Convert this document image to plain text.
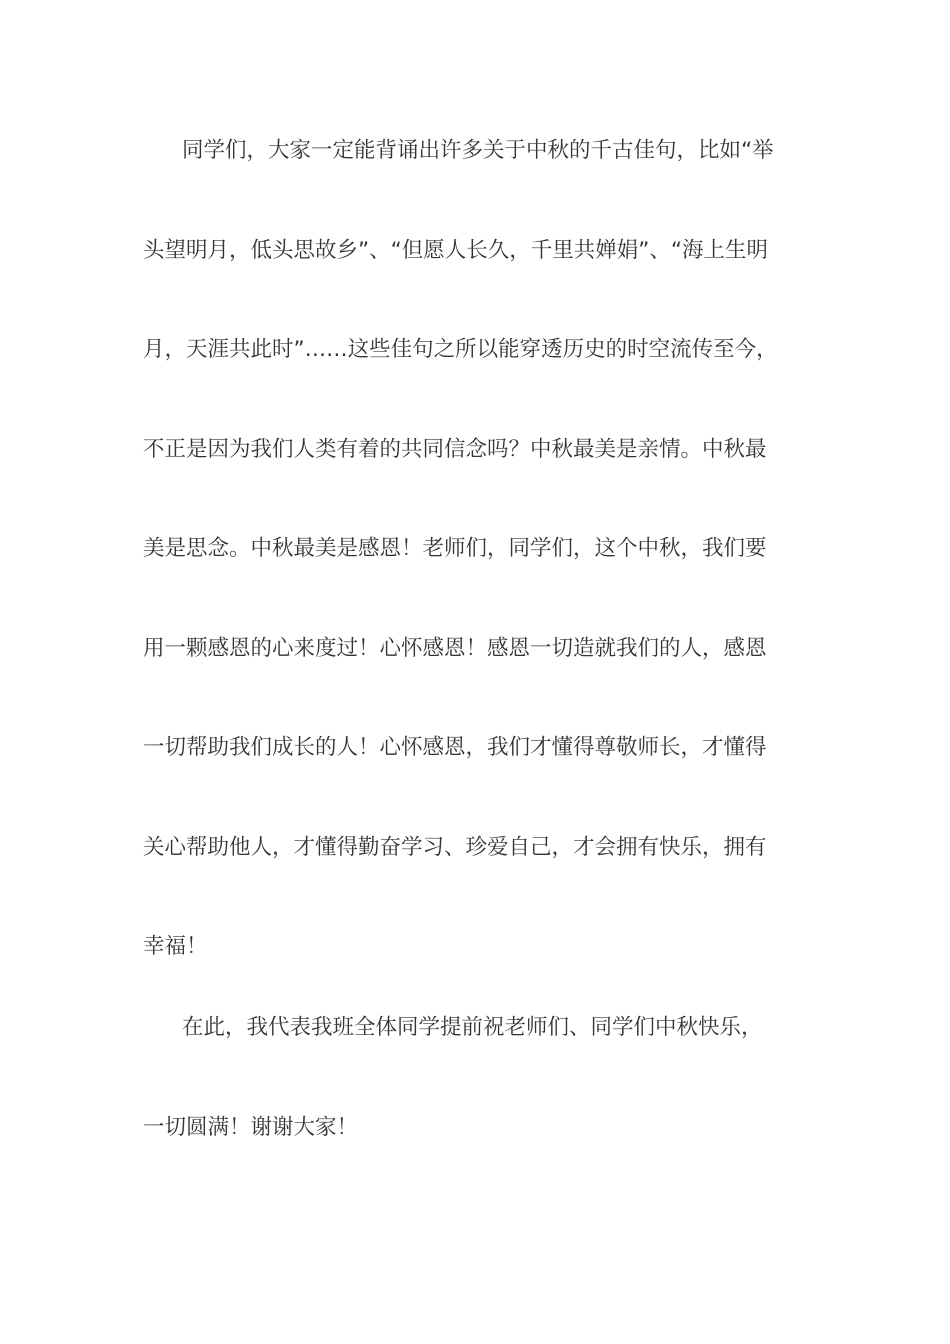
同学们，大家一定能背诵出许多关于中秋的千古佳句，比如“举
头望明月，低头思故乡”、“但愿人长久，千里共婵娟”、“海上生明
月，天涯共此时”……这些佳句之所以能穿透历史的时空流传至今，
不正是因为我们人类有着的共同信念吗？中秋最美是亲情。中秋最
美是思念。中秋最美是感恩！老师们，同学们，这个中秋，我们要
用一颗感恩的心来度过！心怀感恩！感恩一切造就我们的人，感恩
一切帮助我们成长的人！心怀感恩，我们才懂得尊敬师长，才懂得
关心帮助他人，才懂得勤奋学习、珍爱自己，才会拥有快乐，拥有
幸福！
在此，我代表我班全体同学提前祝老师们、同学们中秋快乐，
一切圆满！谢谢大家！
